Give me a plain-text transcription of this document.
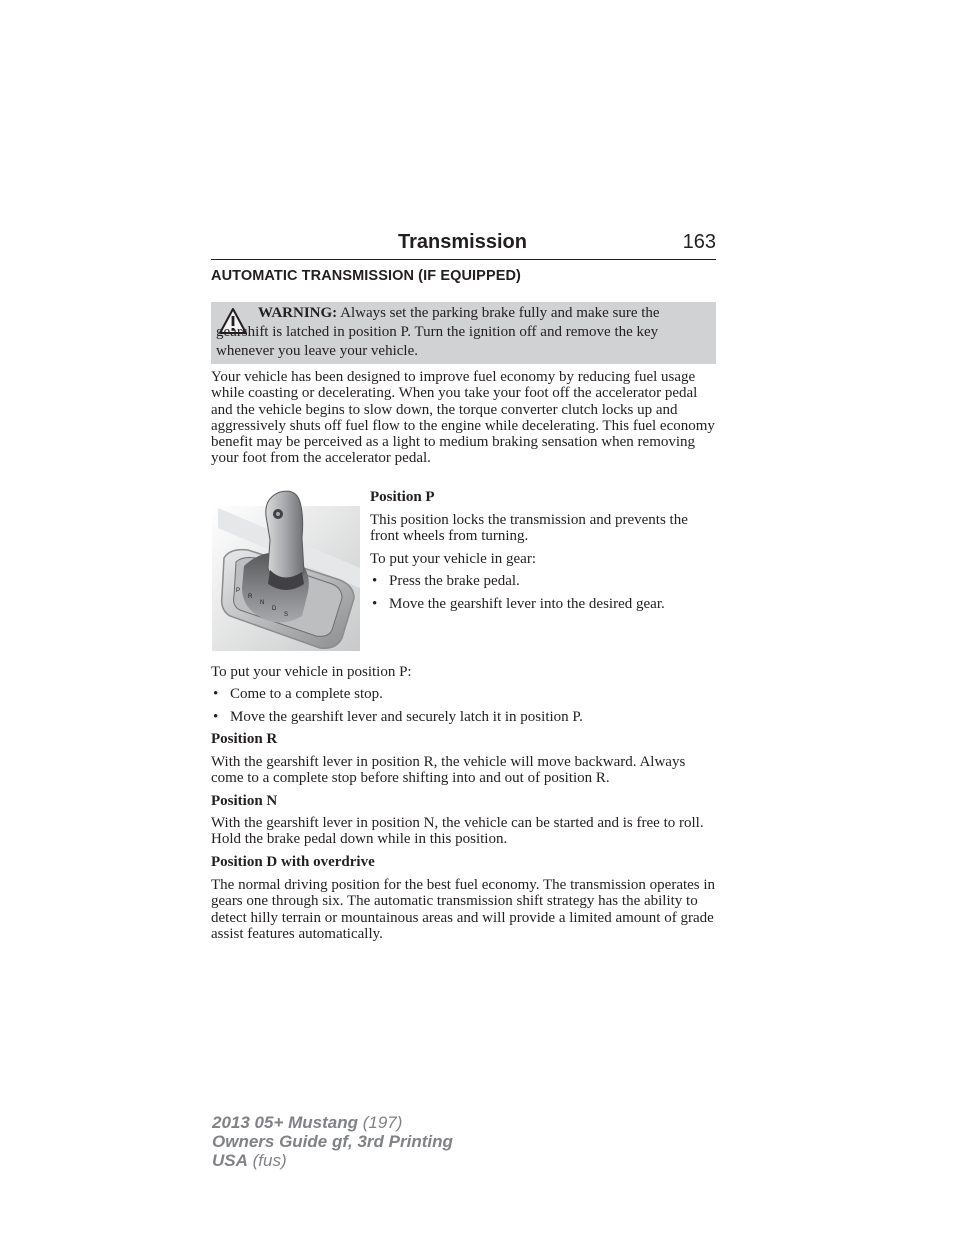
Transmission	163
AUTOMATIC TRANSMISSION (IF EQUIPPED)

WARNING: Always set the parking brake fully and make sure the gearshift is latched in position P. Turn the ignition off and remove the key whenever you leave your vehicle.

Your vehicle has been designed to improve fuel economy by reducing fuel usage while coasting or decelerating. When you take your foot off the accelerator pedal and the vehicle begins to slow down, the torque converter clutch locks up and aggressively shuts off fuel flow to the engine while decelerating. This fuel economy benefit may be perceived as a light to medium braking sensation when removing your foot from the accelerator pedal.

P
R
N
D
S

Position P

This position locks the transmission and prevents the front wheels from turning.

To put your vehicle in gear:

• Press the brake pedal.
• Move the gearshift lever into the desired gear.

To put your vehicle in position P:

• Come to a complete stop.
• Move the gearshift lever and securely latch it in position P.

Position R

With the gearshift lever in position R, the vehicle will move backward. Always come to a complete stop before shifting into and out of position R.

Position N

With the gearshift lever in position N, the vehicle can be started and is free to roll. Hold the brake pedal down while in this position.

Position D with overdrive

The normal driving position for the best fuel economy. The transmission operates in gears one through six. The automatic transmission shift strategy has the ability to detect hilly terrain or mountainous areas and will provide a limited amount of grade assist features automatically.

2013 05+ Mustang (197)
Owners Guide gf, 3rd Printing
USA (fus)
